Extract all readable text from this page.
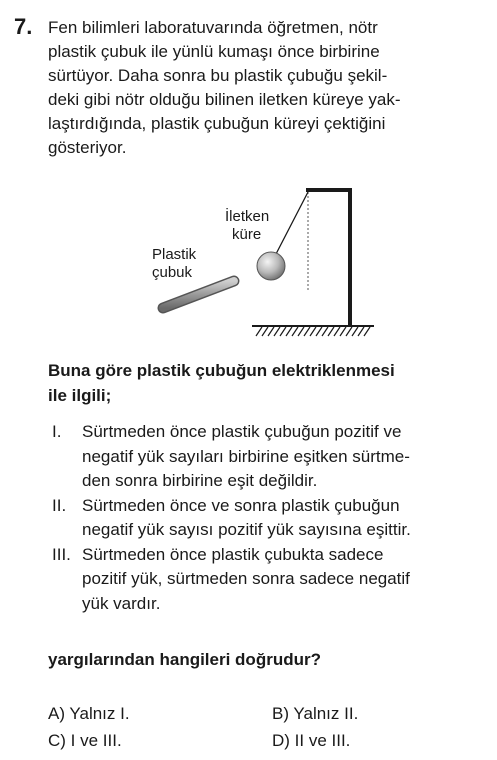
7. Fen bilimleri laboratuvarında öğretmen, nötr
plastik çubuk ile yünlü kumaşı önce birbirine
sürtüyor. Daha sonra bu plastik çubuğu şekil-
deki gibi nötr olduğu bilinen iletken küreye yak-
laştırdığında, plastik çubuğun küreyi çektiğini
gösteriyor.
İletken
küre
Plastik
çubuk
Buna göre plastik çubuğun elektriklenmesi
ile ilgili;
I. Sürtmeden önce plastik çubuğun pozitif ve
negatif yük sayıları birbirine eşitken sürtme-
den sonra birbirine eşit değildir.
II. Sürtmeden önce ve sonra plastik çubuğun
negatif yük sayısı pozitif yük sayısına eşittir.
III. Sürtmeden önce plastik çubukta sadece
pozitif yük, sürtmeden sonra sadece negatif
yük vardır.
yargılarından hangileri doğrudur?
A) Yalnız I.	B) Yalnız II.
C) I ve III.	D) II ve III.
